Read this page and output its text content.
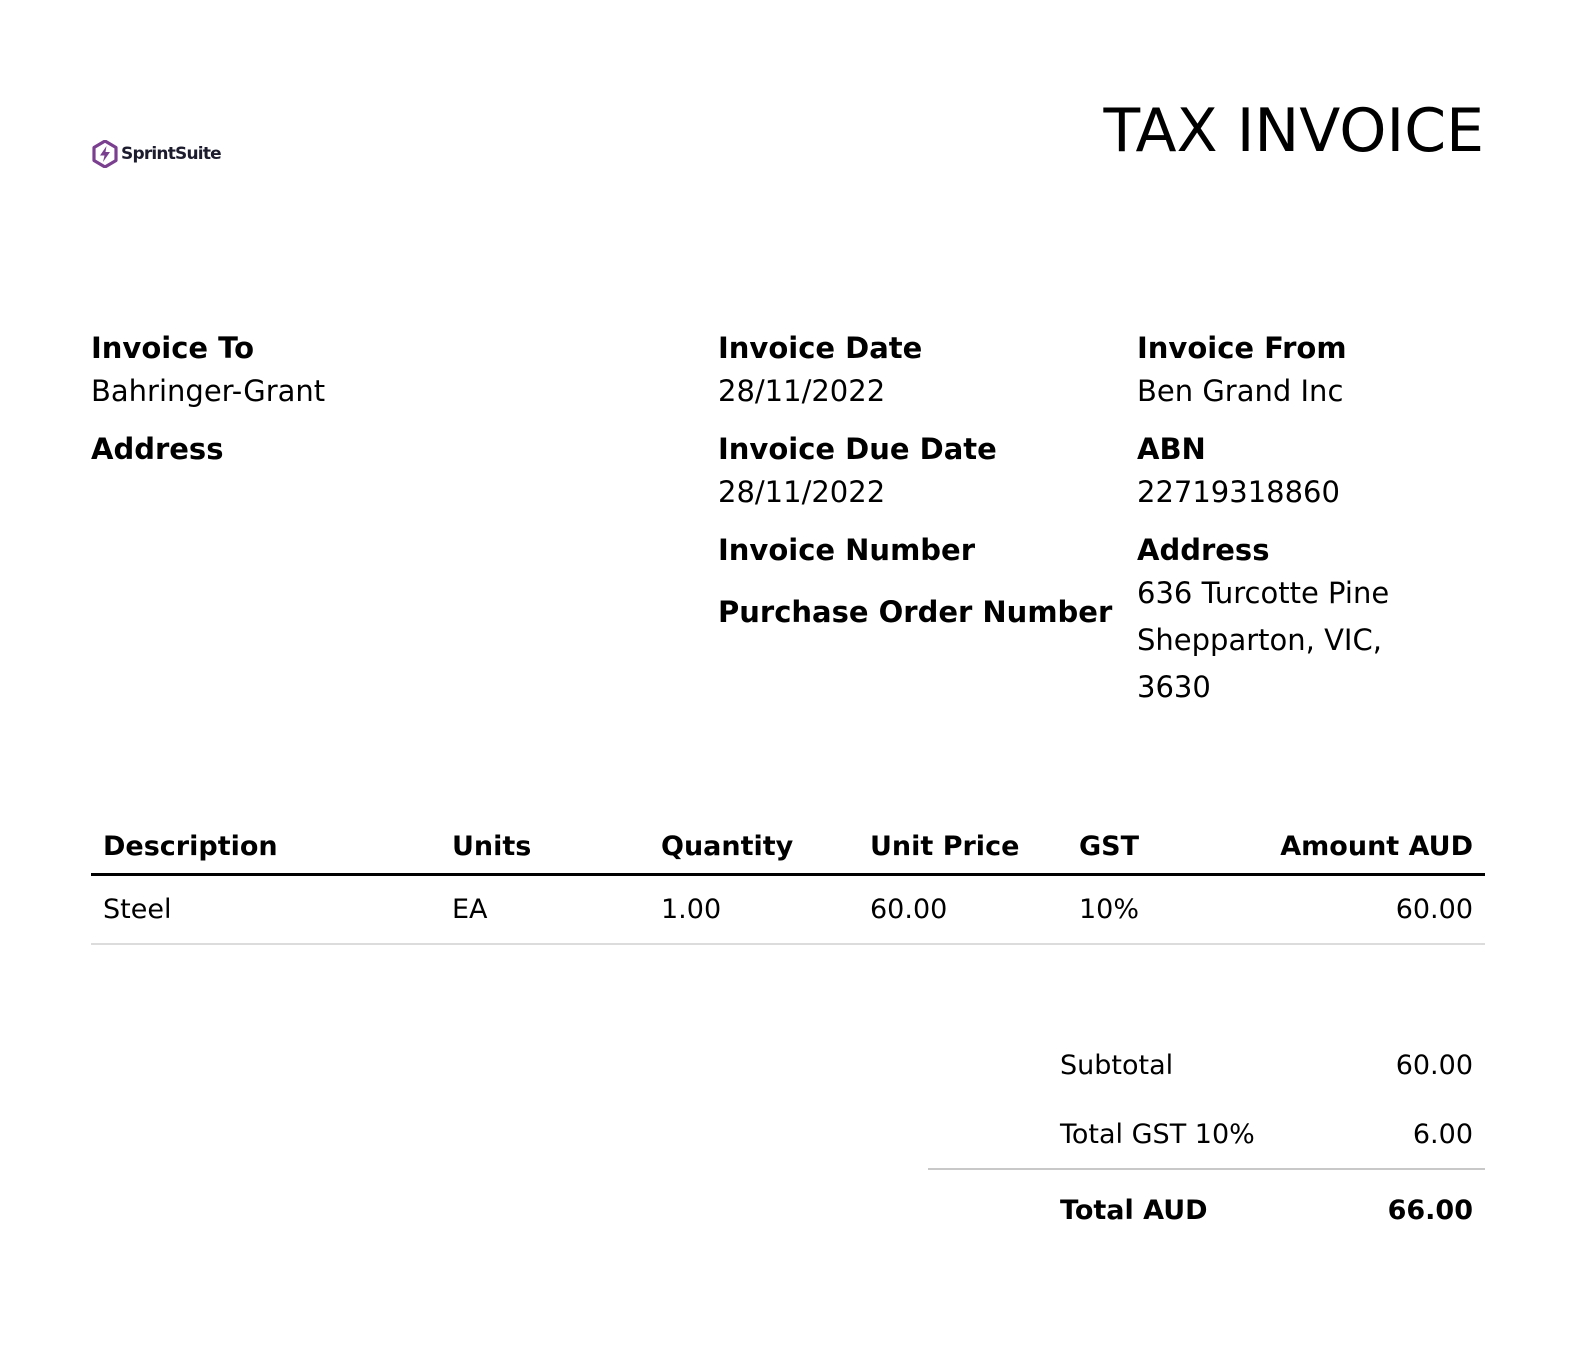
SprintSuite	TAX INVOICE
Invoice To
Bahringer-Grant
Address
Invoice Date
28/11/2022
Invoice Due Date
28/11/2022
Invoice Number
Purchase Order Number
Invoice From
Ben Grand Inc
ABN
22719318860
Address
636 Turcotte Pine
Shepparton, VIC,
3630
Description	Units	Quantity	Unit Price	GST	Amount AUD
Steel	EA	1.00	60.00	10%	60.00
Subtotal	60.00
Total GST 10%	6.00
Total AUD	66.00
